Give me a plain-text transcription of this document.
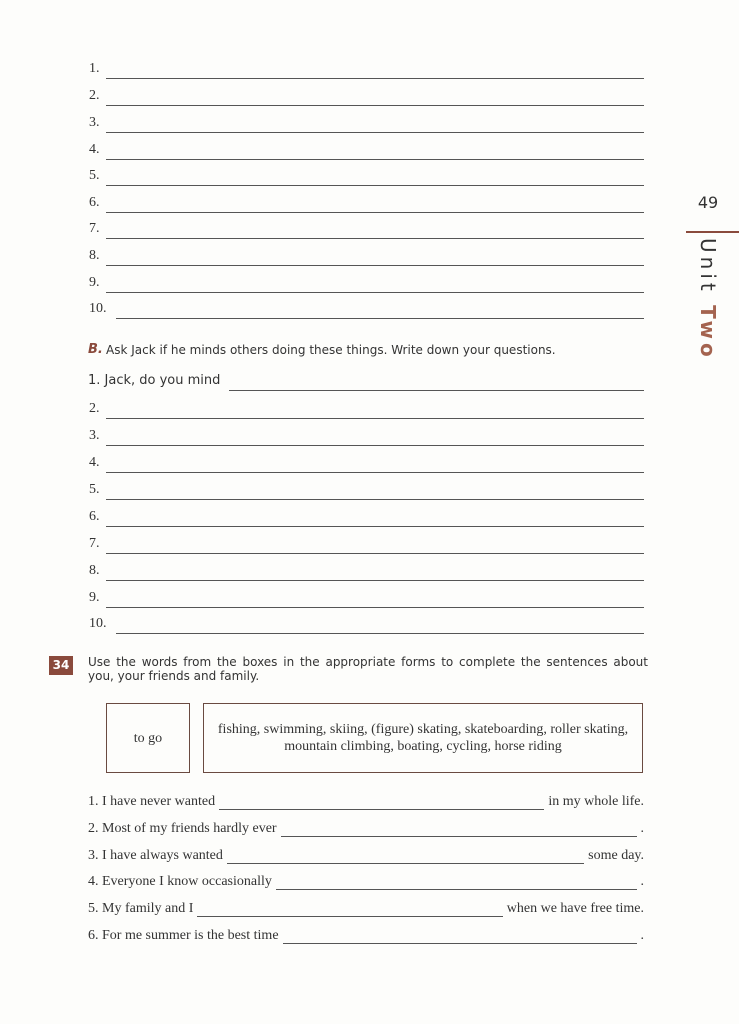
49
Unit Two
1.
2.
3.
4.
5.
6.
7.
8.
9.
10.
B. Ask Jack if he minds others doing these things. Write down your questions.
1. Jack, do you mind
2.
3.
4.
5.
6.
7.
8.
9.
10.
34	Use the words from the boxes in the appropriate forms to complete the sentences about you, your friends and family.
to go
fishing, swimming, skiing, (figure) skating, skateboarding, roller skating, mountain climbing, boating, cycling, horse riding
1. I have never wanted	in my whole life.
2. Most of my friends hardly ever	.
3. I have always wanted	some day.
4. Everyone I know occasionally	.
5. My family and I	when we have free time.
6. For me summer is the best time	.
